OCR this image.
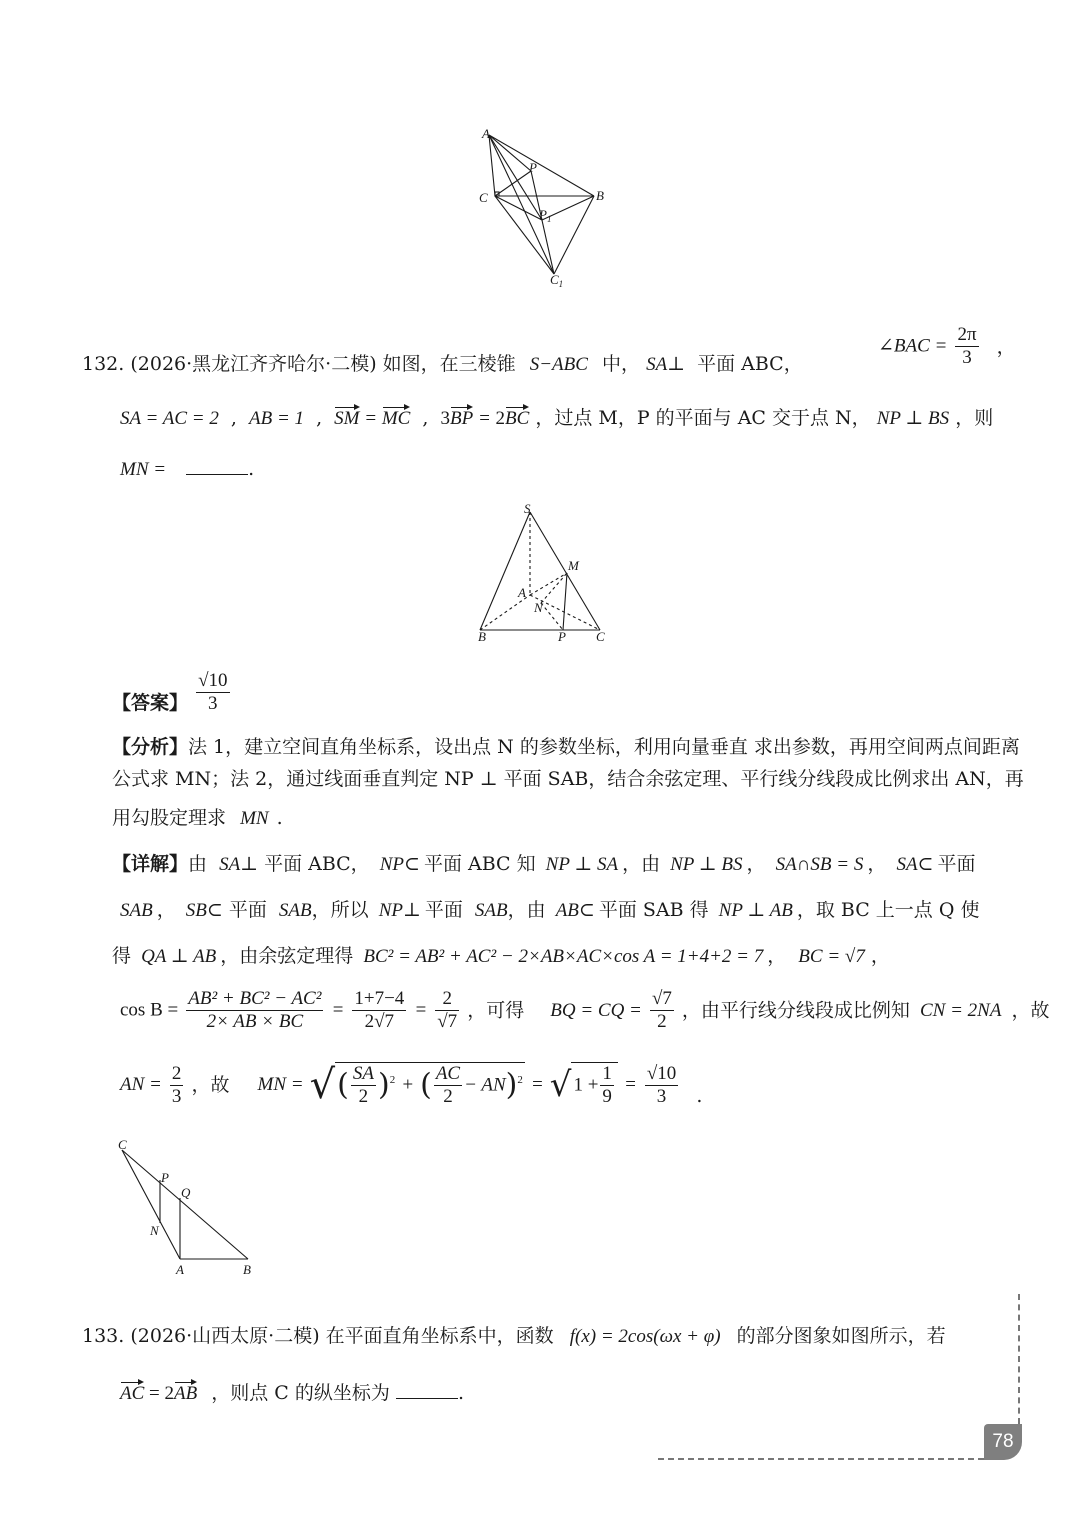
A
P
C	B
$P_1$
$C_1$
132. (2026·黑龙江齐齐哈尔·二模) 如图，在三棱锥 S−ABC 中， SA⊥ 平面 ABC，
∠BAC = $\frac{2\pi}{3}$ ，
SA = AC = 2 , AB = 1 , SM = MC , 3BP = 2BC ，过点 M，P 的平面与 AC 交于点 N， NP ⊥ BS ，则
MN =	.
S
M
A
N
B	P C
【答案】 $\frac{√10}{3}$
【分析】法 1，建立空间直角坐标系，设出点 N 的参数坐标，利用向量垂直 求出参数，再用空间两点间距离
公式求 MN；法 2，通过线面垂直判定 NP ⊥ 平面 SAB，结合余弦定理、平行线分线段成比例求出 AN，再
用勾股定理求 MN .
【详解】由 SA⊥ 平面 ABC， NP⊂ 平面 ABC 知 NP ⊥ SA ，由 NP ⊥ BS ， SA∩SB = S ， SA⊂ 平面
SAB ， SB⊂ 平面 SAB，所以 NP⊥ 平面 SAB，由 AB⊂ 平面 SAB 得 NP ⊥ AB ，取 BC 上一点 Q 使
得 QA ⊥ AB ，由余弦定理得 BC² = AB² + AC² − 2×AB×AC×cos A = 1+4+2 = 7 ， BC = √7 ，
$\cos B = \frac{\text{AB² + BC² − AC²}}{2\times AB \times BC} = \frac{1+7-4}{2√7} = \frac{2}{√7}$ ，可得 BQ = CQ = $\frac{√7}{2}$ ，由平行线分线段成比例知 CN = 2NA ，故
AN = $\frac{2}{3}$ ，故 MN = √( $\frac{SA}{2} )^2$ + ( $\frac{AC}{2} - AN)^2$ = √ $1 + \frac{1}{9} = \frac{√10}{3}$ .
C
P
Q
N
A	B
133. (2026·山西太原·二模) 在平面直角坐标系中，函数 f(x) = 2cos(ωx + φ) 的部分图象如图所示，若
AC = 2AB ，则点 C 的纵坐标为	.
78
